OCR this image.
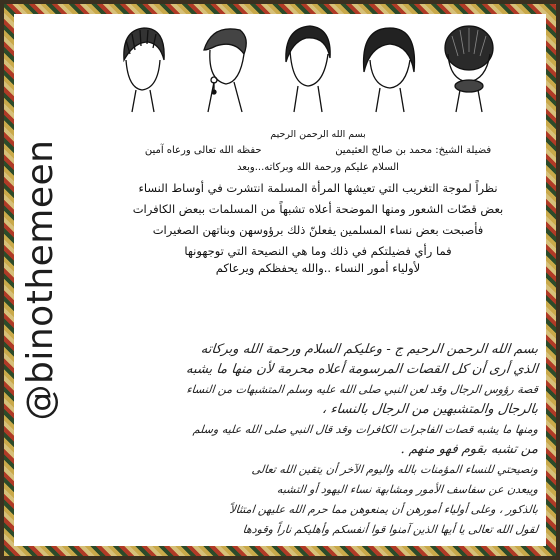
@binothemeen
بسم الله الرحمن الرحيم
فضيلة الشيخ: محمد بن صالح العثيمين
حفظه الله تعالى ورعاه آمين
السلام عليكم ورحمة الله وبركاته...وبعد
نظراً لموجة التغريب التي تعيشها المرأة المسلمة انتشرت في أوساط النساء
بعض قصّات الشعور ومنها الموضحة أعلاه تشبهاً من المسلمات ببعض الكافرات
فأصبحت بعض نساء المسلمين يفعلنّ ذلك برؤوسهن وبناتهن الصغيرات
فما رأي فضيلتكم في ذلك وما هي النصيحة التي توجهونها
لأولياء أمور النساء ..والله يحفظكم ويرعاكم
بسم الله الرحمن الرحيم ج - وعليكم السلام ورحمة الله وبركاته
الذي أرى أن كل القصات المرسومة أعلاه محرمة لأن منها ما يشبه
قصة رؤوس الرجال وقد لعن النبي صلى الله عليه وسلم المتشبهات من النساء
بالرجال والمتشبهين من الرجال بالنساء ،
ومنها ما يشبه قصات الفاجرات الكافرات وقد قال النبي صلى الله عليه وسلم
من تشبه بقوم فهو منهم .
ونصيحتي للنساء المؤمنات بالله واليوم الآخر أن يتقين الله تعالى
ويبعدن عن سفاسف الأمور ومشابهة نساء اليهود أو التشبه
بالذكور ، وعلى أولياء أمورهن أن يمنعوهن مما حرم الله عليهن امتثالاً
لقول الله تعالى يا أيها الذين آمنوا قوا أنفسكم وأهليكم ناراً وقودها
